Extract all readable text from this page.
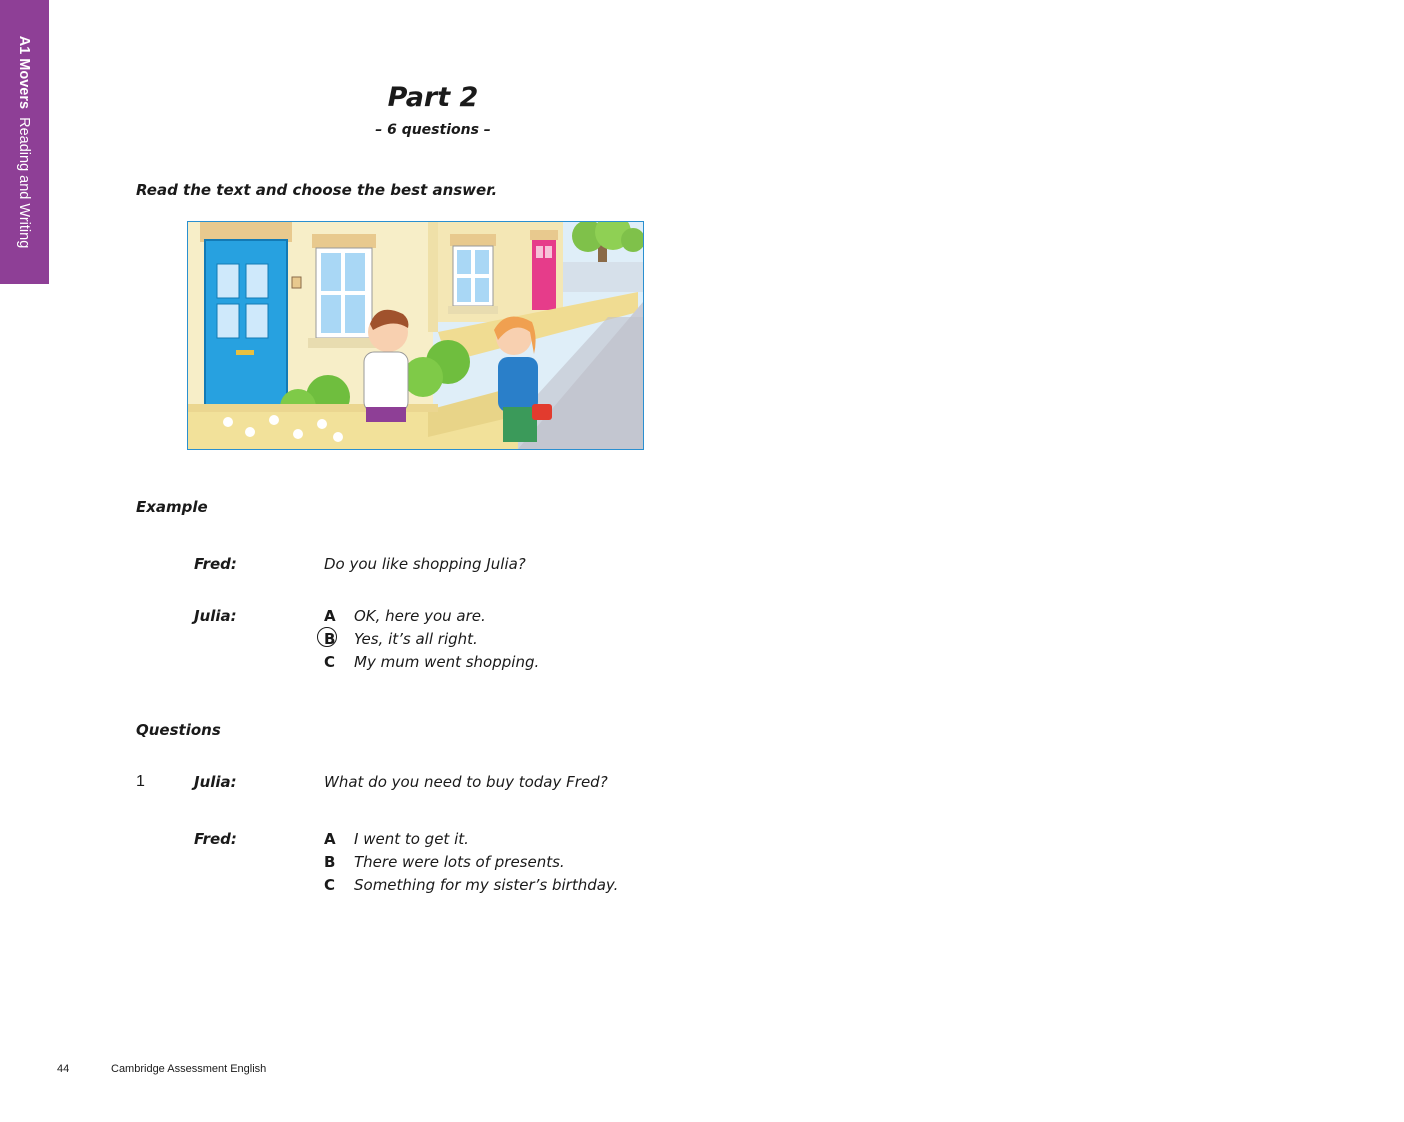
A1 Movers  Reading and Writing
Part 2
– 6 questions –
Read the text and choose the best answer.
Example
Fred:	Do you like shopping Julia?
Julia:	A	OK, here you are.
B	Yes, it’s all right.
C	My mum went shopping.
Questions
1	Julia:	What do you need to buy today Fred?
Fred:	A	I went to get it.
B	There were lots of presents.
C	Something for my sister’s birthday.
44	Cambridge Assessment English
